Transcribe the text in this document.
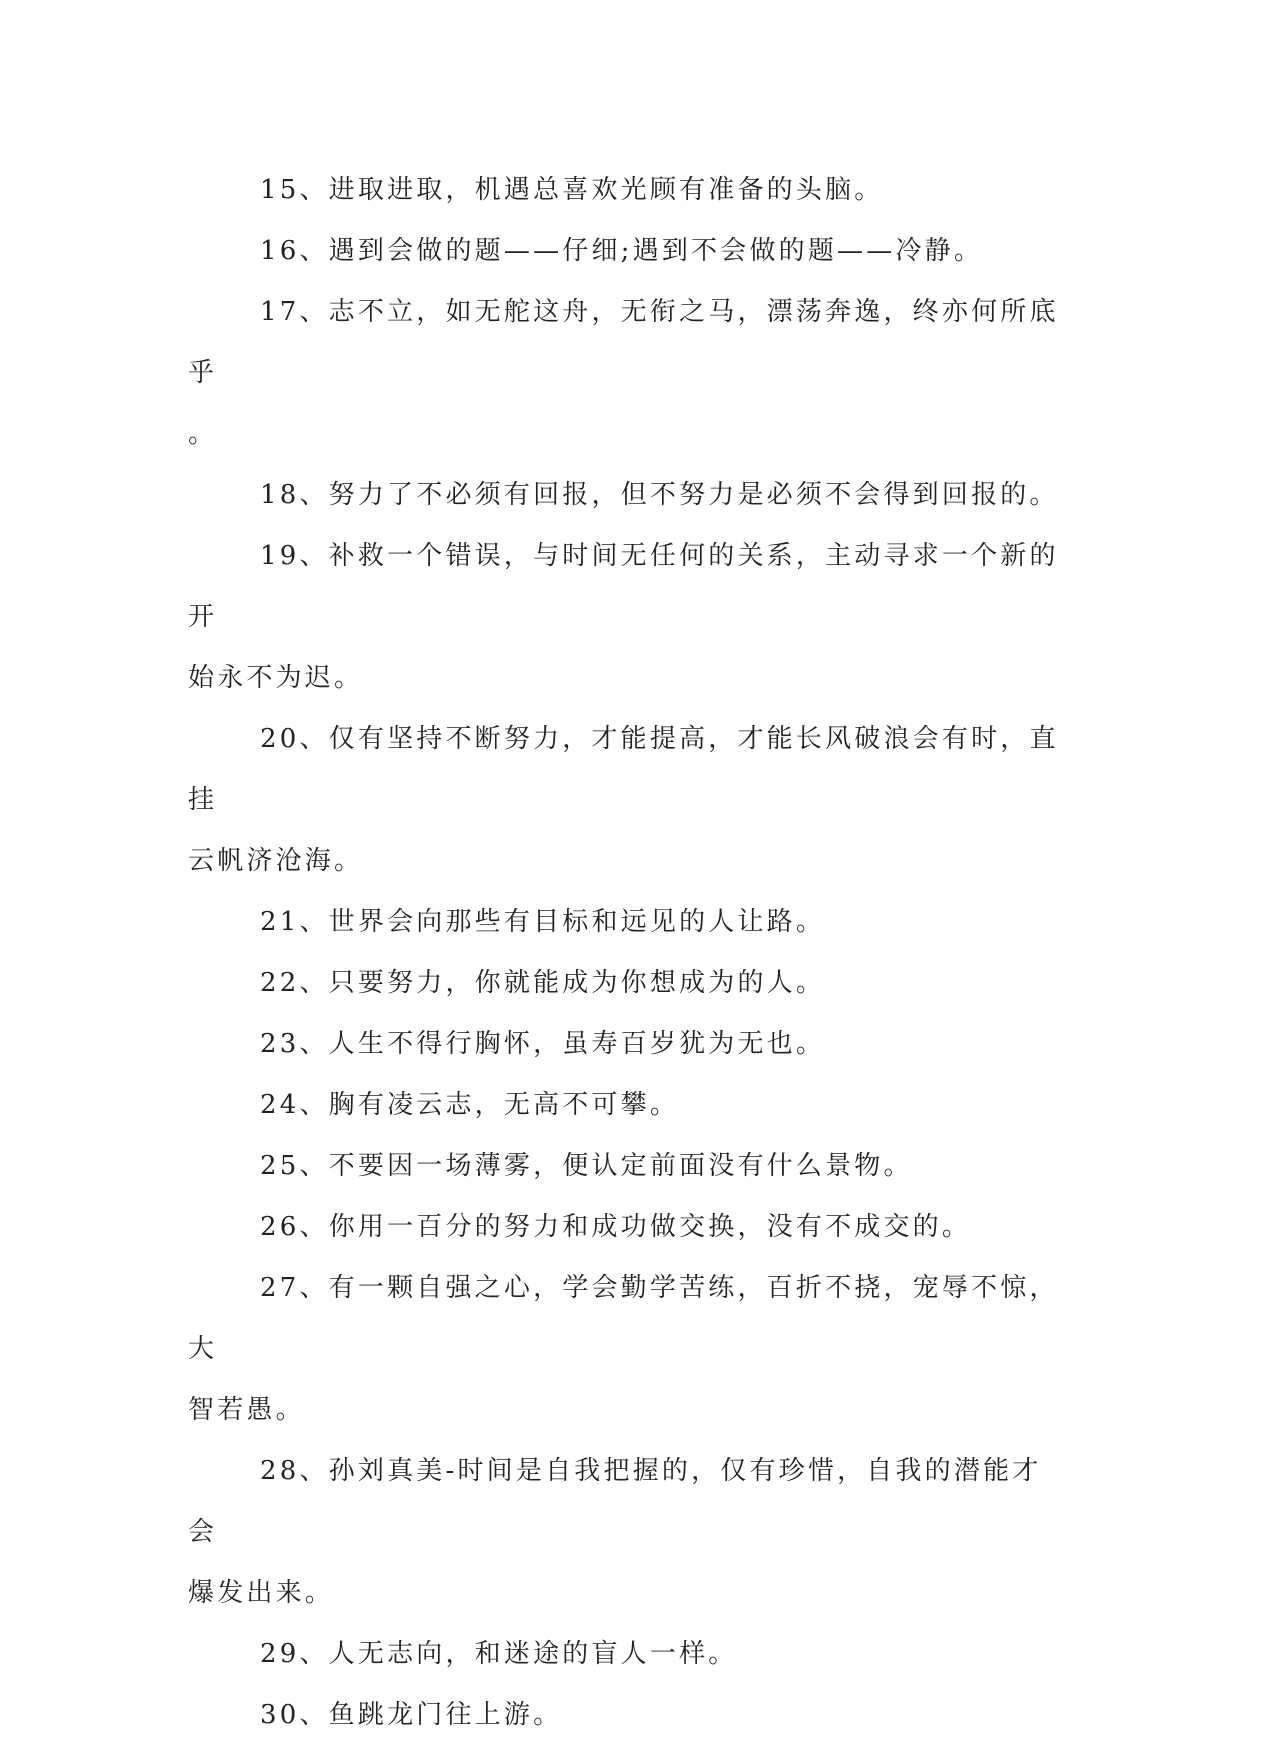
15、进取进取，机遇总喜欢光顾有准备的头脑。

16、遇到会做的题——仔细;遇到不会做的题——冷静。

17、志不立，如无舵这舟，无衔之马，漂荡奔逸，终亦何所底乎
。

18、努力了不必须有回报，但不努力是必须不会得到回报的。

19、补救一个错误，与时间无任何的关系，主动寻求一个新的开
始永不为迟。

20、仅有坚持不断努力，才能提高，才能长风破浪会有时，直挂
云帆济沧海。

21、世界会向那些有目标和远见的人让路。

22、只要努力，你就能成为你想成为的人。

23、人生不得行胸怀，虽寿百岁犹为无也。

24、胸有凌云志，无高不可攀。

25、不要因一场薄雾，便认定前面没有什么景物。

26、你用一百分的努力和成功做交换，没有不成交的。

27、有一颗自强之心，学会勤学苦练，百折不挠，宠辱不惊，大
智若愚。

28、孙刘真美-时间是自我把握的，仅有珍惜，自我的潜能才会
爆发出来。

29、人无志向，和迷途的盲人一样。

30、鱼跳龙门往上游。
